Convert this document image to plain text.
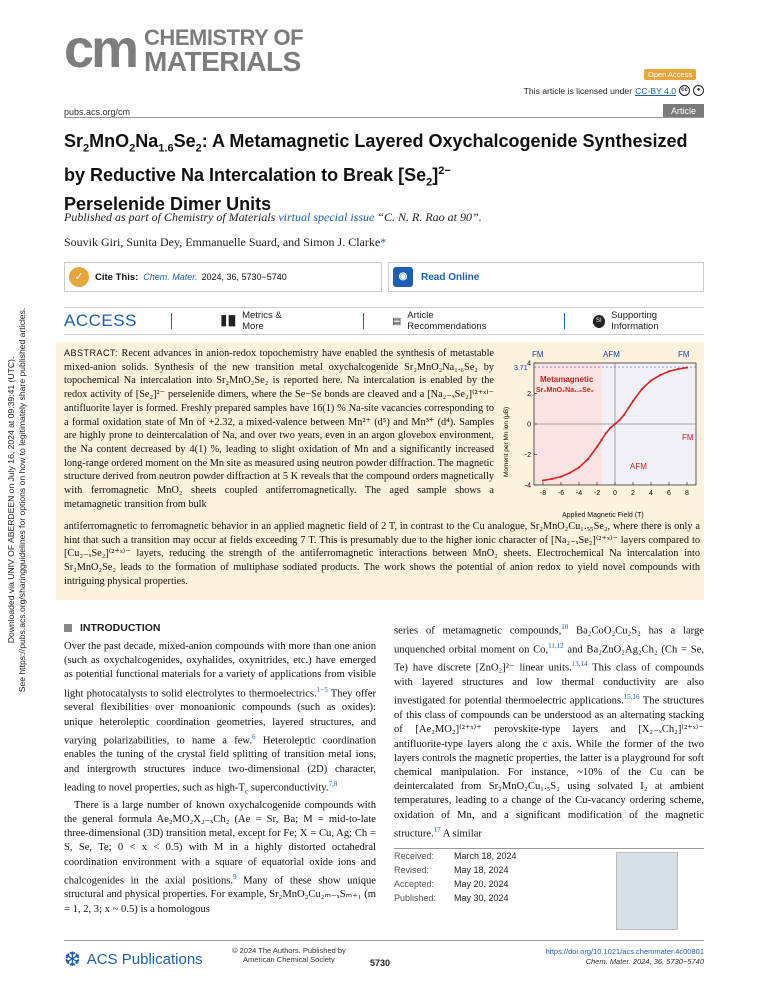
Downloaded via UNIV OF ABERDEEN on July 16, 2024 at 09:39:41 (UTC). See https://pubs.acs.org/sharingguidelines for options on how to legitimately share published articles.
cm CHEMISTRY OF
MATERIALS	Open Access
This article is licensed under CC-BY 4.0 cc	●
pubs.acs.org/cm	Article
$Sr_2MnO_2Na_{1.6}Se_2$: A Metamagnetic Layered Oxychalcogenide Synthesized by Reductive Na Intercalation to Break $[Se_2]^{2-}$
Perselenide Dimer Units
Published as part of Chemistry of Materials virtual special issue “C. N. R. Rao at 90”.
Souvik Giri, Sunita Dey, Emmanuelle Suard, and Simon J. Clarke*
✓	Cite This: Chem. Mater. 2024, 36, 5730−5740	◉	Read Online
ACCESS	▋▉ Metrics & More	▤ Article Recommendations
SI Supporting Information

ABSTRACT: Recent advances in anion-redox topochemistry have enabled the synthesis of metastable mixed-anion solids. Synthesis of the new transition metal oxychalcogenide Sr₂MnO₂Na₁.₆Se₂ by topochemical Na intercalation into Sr₂MnO₂Se₂ is reported here. Na intercalation is enabled by the redox activity of [Se₂]²⁻ perselenide dimers, where the Se−Se bonds are cleaved and a [Na₂₋ₓSe₂]⁽²⁺ˣ⁾⁻ antifluorite layer is formed. Freshly prepared samples have 16(1) % Na-site vacancies corresponding to a formal oxidation state of Mn of +2.32, a mixed-valence between Mn²⁺ (d⁵) and Mn³⁺ (d⁴). Samples are highly prone to deintercalation of Na, and over two years, even in an argon glovebox environment, the Na content decreased by 4(1) %, leading to slight oxidation of Mn and a significantly increased long-range ordered moment on the Mn site as measured using neutron powder diffraction. The magnetic structure derived from neutron powder diffraction at 5 K reveals that the compound orders magnetically with ferromagnetic MnO₂ sheets coupled antiferromagnetically. The aged sample shows a metamagnetic transition from bulk

antiferromagnetic to ferromagnetic behavior in an applied magnetic field of 2 T, in contrast to the Cu analogue, Sr₂MnO₂Cu₁.₅₅Se₂, where there is only a hint that such a transition may occur at fields exceeding 7 T. This is presumably due to the higher ionic character of [Na₂₋ₓSe₂]⁽²⁺ˣ⁾⁻ layers compared to [Cu₂₋ₓSe₂]⁽²⁺ˣ⁾⁻ layers, reducing the strength of the antiferromagnetic interactions between MnO₂ sheets. Electrochemical Na intercalation into Sr₂MnO₂Se₂ leads to the formation of multiphase sodiated products. The work shows the potential of anion redox to yield novel compounds with intriguing physical properties.

-8 -6 -4 -2 0 2 4 6 8
-4
-2
0
2
4
FM	AFM	FM
3.71
Metamagnetic
Sr₂MnO₂Na₁.₆Se₂
FM
AFM
Moment per Mn ion (μB)
Applied Magnetic Field (T)
INTRODUCTION

Over the past decade, mixed-anion compounds with more than one anion (such as oxychalcogenides, oxyhalides, oxynitrides, etc.) have emerged as potential functional materials for a variety of applications from visible light photocatalysts to solid electrolytes to thermoelectrics.$^{1-5}$ They offer several flexibilities over monoanionic compounds (such as oxides): unique heteroleptic coordination geometries, layered structures, and varying polarizabilities, to name a few.$^6$ Heteroleptic coordination enables the tuning of the crystal field splitting of transition metal ions, and intergrowth structures induce two-dimensional (2D) character, leading to novel properties, such as high-$T_c$ superconductivity.$^{7,8}$

There is a large number of known oxychalcogenide compounds with the general formula Ae₂MO₂X₂₋ₓCh₂ (Ae = Sr, Ba; M = mid-to-late three-dimensional (3D) transition metal, except for Fe; X = Cu, Ag; Ch = S, Se, Te; 0 < x < 0.5) with M in a highly distorted octahedral coordination environment with a square of equatorial oxide ions and chalcogenides in the axial positions.$^9$ Many of these show unique structural and physical properties. For example, Sr₂MnO₂Cu₂ₘ₋ₓSₘ₊₁ (m = 1, 2, 3; x ~ 0.5) is a homologous

series of metamagnetic compounds,$^{10}$ Ba₂CoO₂Cu₂S₂ has a large unquenched orbital moment on Co,$^{11,12}$ and Ba₂ZnO₂Ag₂Ch₂ (Ch = Se, Te) have discrete [ZnO₂]²⁻ linear units.$^{13,14}$ This class of compounds with layered structures and low thermal conductivity are also investigated for potential thermoelectric applications.$^{15,16}$ The structures of this class of compounds can be understood as an alternating stacking of [Ae₂MO₂]⁽²⁺ˣ⁾⁺ perovskite-type layers and [X₂₋ₓCh₂]⁽²⁺ˣ⁾⁻ antifluorite-type layers along the c axis. While the former of the two layers controls the magnetic properties, the latter is a playground for soft chemical manipulation. For instance, ~10% of the Cu can be deintercalated from Sr₂MnO₂Cu₁.₅S₂ using solvated I₂ at ambient temperatures, leading to a change of the Cu-vacancy ordering scheme, oxidation of Mn, and a significant modification of the magnetic structure.$^{17}$ A similar

Received:	March 18, 2024
Revised:	May 18, 2024
Accepted:	May 20, 2024
Published:	May 30, 2024
❆ ACS Publications
© 2024 The Authors. Published by
American Chemical Society	5730
https://doi.org/10.1021/acs.chemmater.4c00801
Chem. Mater. 2024, 36, 5730−5740
